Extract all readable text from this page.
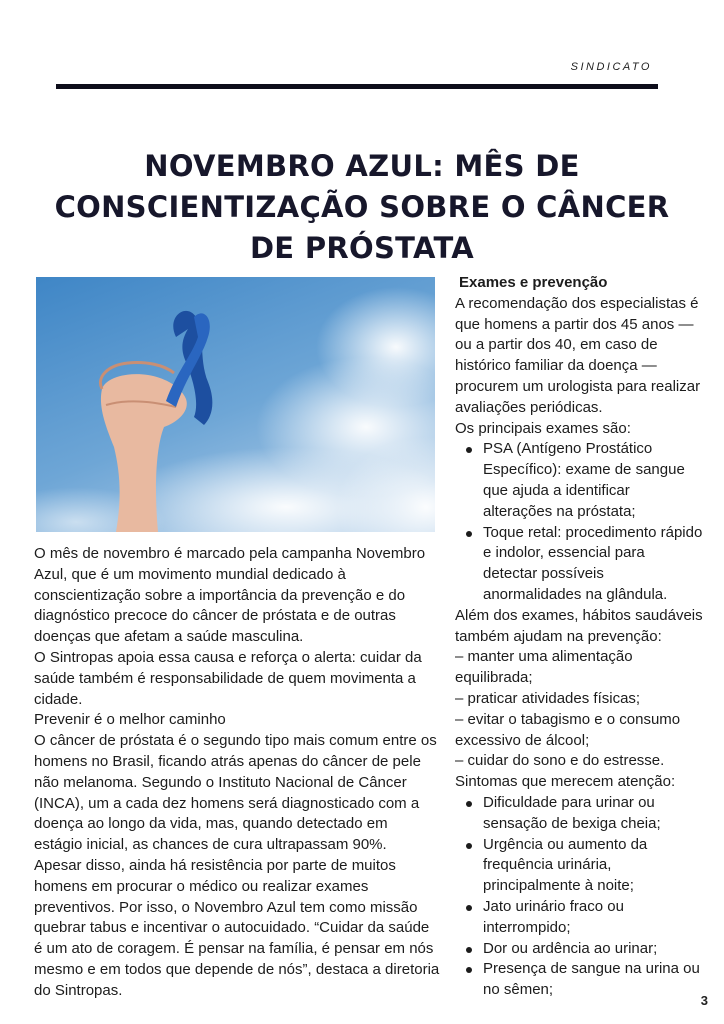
SINDICATO
NOVEMBRO AZUL: MÊS DE CONSCIENTIZAÇÃO SOBRE O CÂNCER DE PRÓSTATA

O mês de novembro é marcado pela campanha Novembro Azul, que é um movimento mundial dedicado à conscientização sobre a importância da prevenção e do diagnóstico precoce do câncer de próstata e de outras doenças que afetam a saúde masculina.

O Sintropas apoia essa causa e reforça o alerta: cuidar da saúde também é responsabilidade de quem movimenta a cidade.

Prevenir é o melhor caminho

O câncer de próstata é o segundo tipo mais comum entre os homens no Brasil, ficando atrás apenas do câncer de pele não melanoma. Segundo o Instituto Nacional de Câncer (INCA), um a cada dez homens será diagnosticado com a doença ao longo da vida, mas, quando detectado em estágio inicial, as chances de cura ultrapassam 90%.

Apesar disso, ainda há resistência por parte de muitos homens em procurar o médico ou realizar exames preventivos. Por isso, o Novembro Azul tem como missão quebrar tabus e incentivar o autocuidado. “Cuidar da saúde é um ato de coragem. É pensar na família, é pensar em nós mesmo e em todos que depende de nós”, destaca a diretoria do Sintropas.

Exames e prevenção

A recomendação dos especialistas é que homens a partir dos 45 anos — ou a partir dos 40, em caso de histórico familiar da doença — procurem um urologista para realizar avaliações periódicas.

Os principais exames são:

PSA (Antígeno Prostático Específico): exame de sangue que ajuda a identificar alterações na próstata;
Toque retal: procedimento rápido e indolor, essencial para detectar possíveis anormalidades na glândula.

Além dos exames, hábitos saudáveis também ajudam na prevenção:

– manter uma alimentação equilibrada;

– praticar atividades físicas;

– evitar o tabagismo e o consumo excessivo de álcool;

– cuidar do sono e do estresse.

Sintomas que merecem atenção:

Dificuldade para urinar ou sensação de bexiga cheia;
Urgência ou aumento da frequência urinária, principalmente à noite;
Jato urinário fraco ou interrompido;
Dor ou ardência ao urinar;
Presença de sangue na urina ou no sêmen;
3
